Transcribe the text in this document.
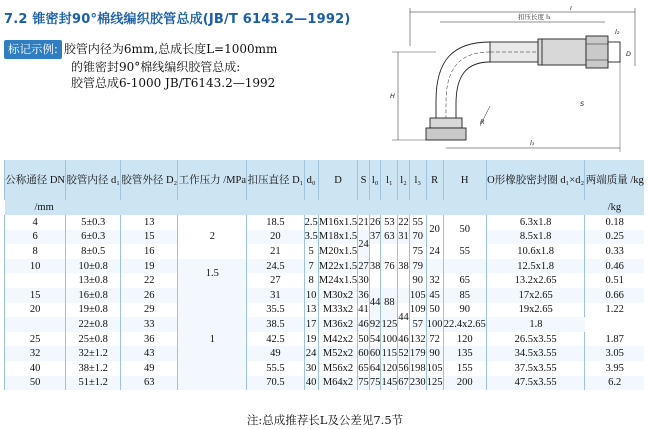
7.2 锥密封90°棉线编织胶管总成(JB/T 6143.2—1992)
标记示例: 胶管内径为6mm,总成长度L=1000mm
的锥密封90°棉线编织胶管总成:
胶管总成6-1000 JB/T6143.2—1992
扣压长度 l₃
l
l₂
H
R
D
S
l₃
公称通径 DN	胶管内径 d₁	胶管外径 D₂	工作压力 /MPa	扣压直径 D₁	d₀	D	S	l₀	l₁	l₂	l₃	R	H	O形橡胶密封圈 d₁×d₂	两端质量 /kg
/mm															/kg
4	5±0.3	13	2	18.5	2.5	M16x1.5	21	26	53	22	55	20	50	6.3x1.8	0.18
6	6±0.3	15		20	3.5	M18x1.5	24	37	63	31	70			8.5x1.8	0.25
8	8±0.5	16		21	5	M20x1.5		38	76	38	75	24	55	10.6x1.8	0.33
10	10±0.8	19	1.5	24.5	7	M22x1.5	27				79			12.5x1.8	0.46
	13±0.8	22		27	8	M24x1.5	30				90	32	65	13.2x2.65	0.51
15	16±0.8	26	1	31	10	M30x2	36	44	88		105	45	85	17x2.65	0.66
20	19±0.8	29		35.5	13	M33x2	41			44	109	50	90	19x2.65	1.22
	22±0.8	33		38.5	17	M36x2	46	92	125		57	100	22.4x2.65	1.8	
25	25±0.8	36		42.5	19	M42x2	50	54	100	46	132	72	120	26.5x3.55	1.87
32	32±1.2	43		49	24	M52x2	60	60	115	52	179	90	135	34.5x3.55	3.05
40	38±1.2	49		55.5	30	M56x2	65	64	120	56	198	105	155	37.5x3.55	3.95
50	51±1.2	63		70.5	40	M64x2	75	75	145	67	230	125	200	47.5x3.55	6.2
注:总成推荐长L及公差见7.5节
